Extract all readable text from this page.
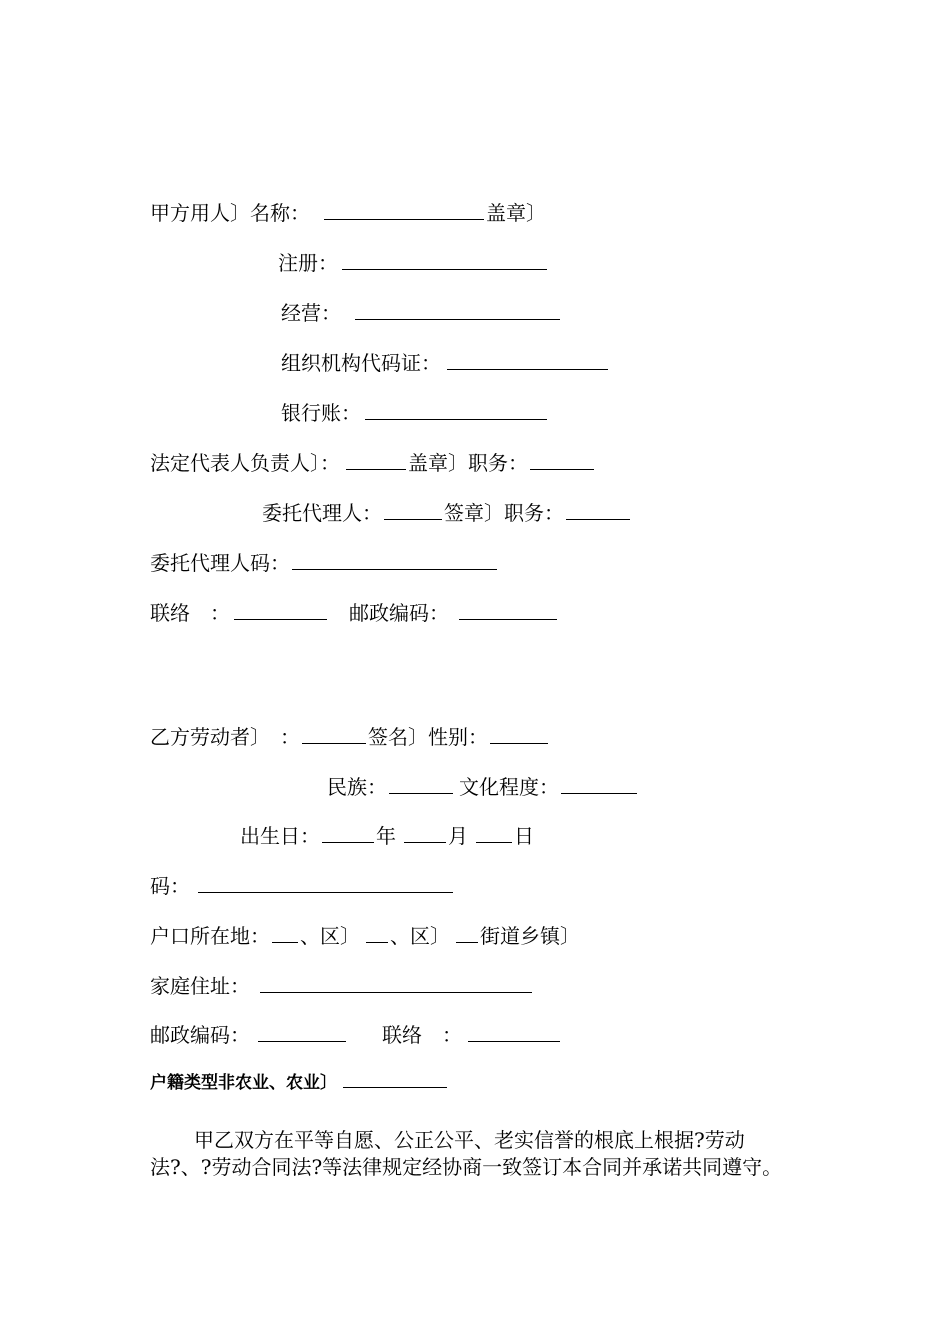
甲方用人〕名称：	盖章〕
注册：
经营：
组织机构代码证：
银行账：
法定代表人负责人〕：	盖章〕职务：
委托代理人：	签章〕职务：
委托代理人码：
联络　：	邮政编码：
乙方劳动者〕　：	签名〕性别：
民族：	文化程度：
出生日：	年	月 日
码：
户口所在地： 、区〕 、区〕 街道乡镇〕
家庭住址：
邮政编码：	联络　：
户籍类型非农业、农业〕
甲乙双方在平等自愿、公正公平、老实信誉的根底上根据?劳动法?、?劳动合同法?等法律规定经协商一致签订本合同并承诺共同遵守。
